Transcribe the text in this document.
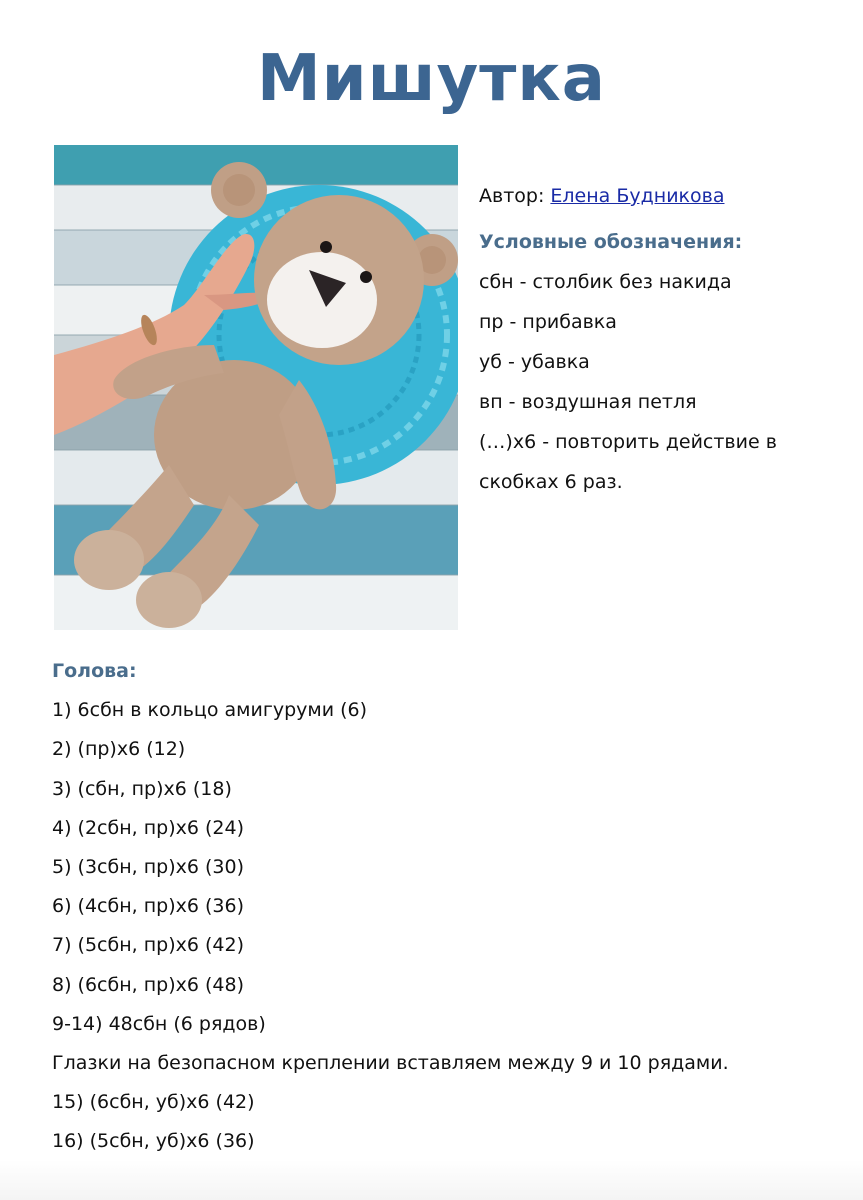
Мишутка

Автор: Елена Будникова

Условные обозначения:

сбн - столбик без накида

пр - прибавка

уб - убавка

вп - воздушная петля

(…)х6 - повторить действие в

скобках 6 раз.

Голова:

1) 6сбн в кольцо амигуруми (6)

2) (пр)х6 (12)

3) (сбн, пр)х6 (18)

4) (2сбн, пр)х6 (24)

5) (3сбн, пр)х6 (30)

6) (4сбн, пр)х6 (36)

7) (5сбн, пр)х6 (42)

8) (6сбн, пр)х6 (48)

9-14) 48сбн (6 рядов)

Глазки на безопасном креплении вставляем между 9 и 10 рядами.

15) (6сбн, уб)х6 (42)

16) (5сбн, уб)х6 (36)
